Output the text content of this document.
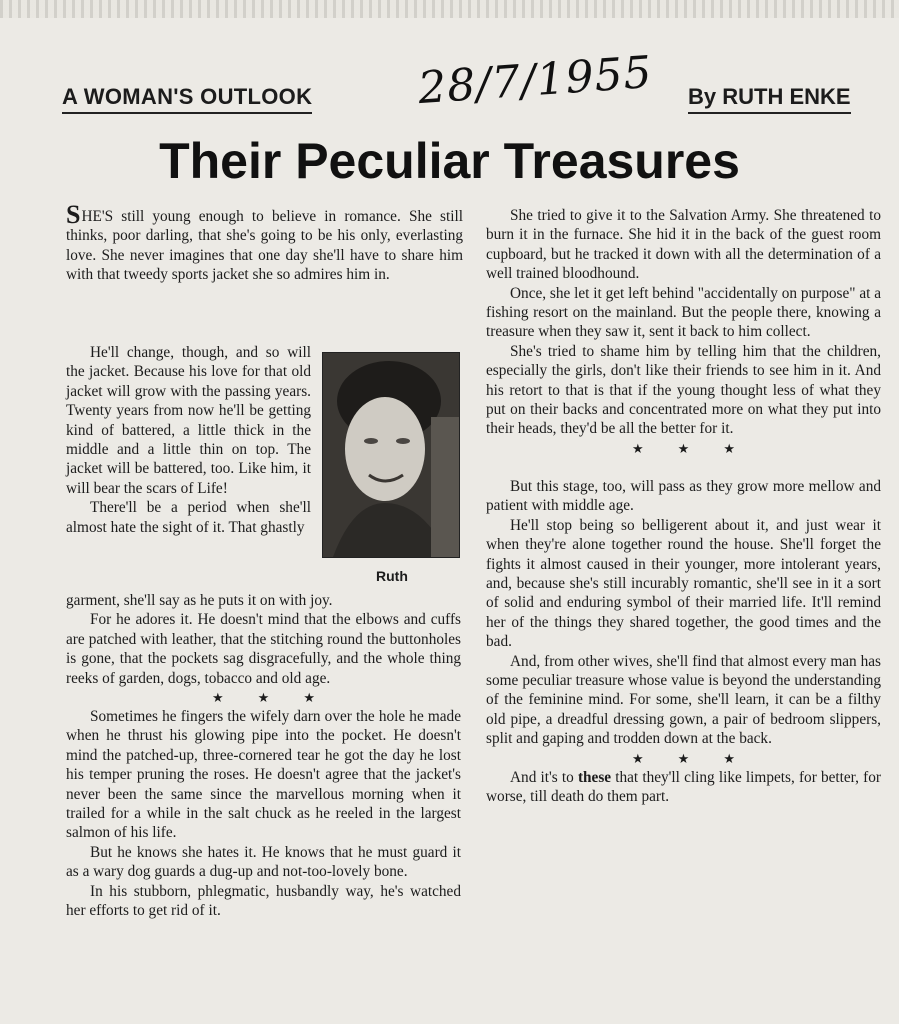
A WOMAN'S OUTLOOK 28/7/1955 By RUTH ENKE
Their Peculiar Treasures

SHE'S still young enough to believe in romance. She still thinks, poor darling, that she's going to be his only, everlasting love. She never imagines that one day she'll have to share him with that tweedy sports jacket she so admires him in.

He'll change, though, and so will the jacket. Because his love for that old jacket will grow with the passing years. Twenty years from now he'll be getting kind of battered, a little thick in the middle and a little thin on top. The jacket will be battered, too. Like him, it will bear the scars of Life!

There'll be a period when she'll almost hate the sight of it. That ghastly

Ruth

garment, she'll say as he puts it on with joy.

For he adores it. He doesn't mind that the elbows and cuffs are patched with leather, that the stitching round the buttonholes is gone, that the pockets sag disgracefully, and the whole thing reeks of garden, dogs, tobacco and old age.

★★★

Sometimes he fingers the wifely darn over the hole he made when he thrust his glowing pipe into the pocket. He doesn't mind the patched-up, three-cornered tear he got the day he lost his temper pruning the roses. He doesn't agree that the jacket's never been the same since the marvellous morning when it trailed for a while in the salt chuck as he reeled in the largest salmon of his life.

But he knows she hates it. He knows that he must guard it as a wary dog guards a dug-up and not-too-lovely bone.

In his stubborn, phlegmatic, husbandly way, he's watched her efforts to get rid of it.

She tried to give it to the Salvation Army. She threatened to burn it in the furnace. She hid it in the back of the guest room cupboard, but he tracked it down with all the determination of a well trained bloodhound.

Once, she let it get left behind "accidentally on purpose" at a fishing resort on the mainland. But the people there, knowing a treasure when they saw it, sent it back to him collect.

She's tried to shame him by telling him that the children, especially the girls, don't like their friends to see him in it. And his retort to that is that if the young thought less of what they put on their backs and concentrated more on what they put into their heads, they'd be all the better for it.

★★★

But this stage, too, will pass as they grow more mellow and patient with middle age.

He'll stop being so belligerent about it, and just wear it when they're alone together round the house. She'll forget the fights it almost caused in their younger, more intolerant years, and, because she's still incurably romantic, she'll see in it a sort of solid and enduring symbol of their married life. It'll remind her of the things they shared together, the good times and the bad.

And, from other wives, she'll find that almost every man has some peculiar treasure whose value is beyond the understanding of the feminine mind. For some, she'll learn, it can be a filthy old pipe, a dreadful dressing gown, a pair of bedroom slippers, split and gaping and trodden down at the back.

★★★

And it's to these that they'll cling like limpets, for better, for worse, till death do them part.
